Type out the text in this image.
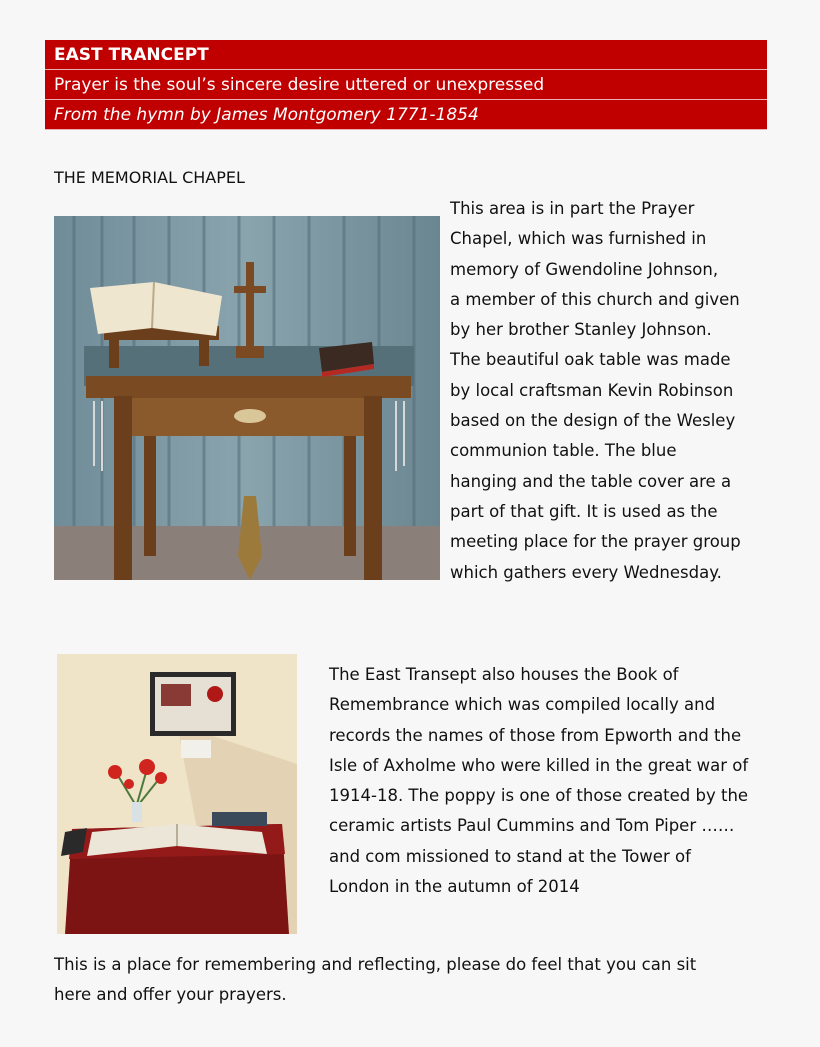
EAST TRANCEPT
Prayer is the soul’s sincere desire uttered or unexpressed
From the hymn by James Montgomery 1771-1854
THE MEMORIAL CHAPEL
This area is in part the Prayer
Chapel, which was furnished in
memory of Gwendoline Johnson,
a member of this church and given
by her brother Stanley Johnson.
The beautiful oak table was made
by local craftsman Kevin Robinson
based on the design of the Wesley
communion table. The blue
hanging and the table cover are a
part of that gift. It is used as the
meeting place for the prayer group
which gathers every Wednesday.
The East Transept also houses the Book of
Remembrance which was compiled locally and
records the names of those from Epworth and the
Isle of Axholme who were killed in the great war of
1914-18. The poppy is one of those created by the
ceramic artists Paul Cummins and Tom Piper ……
and com missioned to stand at the Tower of
London in the autumn of 2014
This is a place for remembering and reflecting, please do feel that you can sit
here and offer your prayers.
